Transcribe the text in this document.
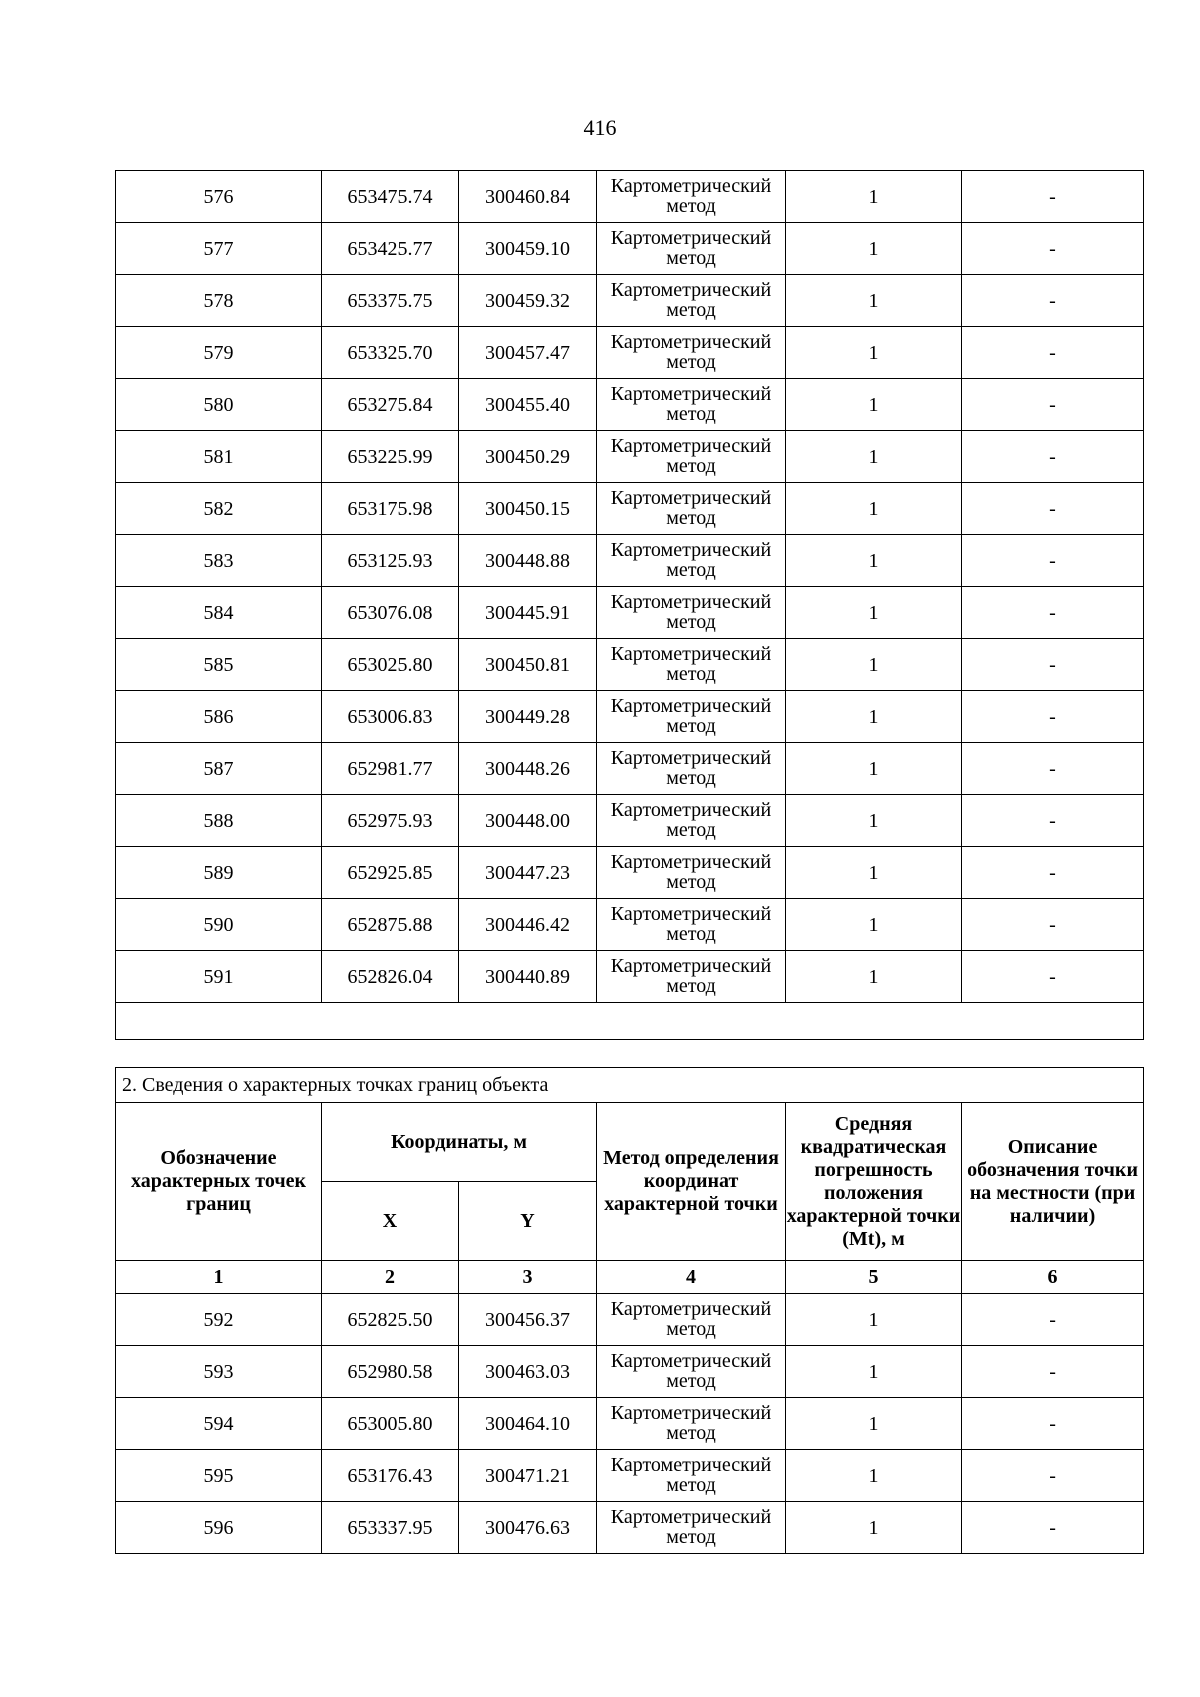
416
576	653475.74	300460.84	Картометрический метод	1	-
577	653425.77	300459.10	Картометрический метод	1	-
578	653375.75	300459.32	Картометрический метод	1	-
579	653325.70	300457.47	Картометрический метод	1	-
580	653275.84	300455.40	Картометрический метод	1	-
581	653225.99	300450.29	Картометрический метод	1	-
582	653175.98	300450.15	Картометрический метод	1	-
583	653125.93	300448.88	Картометрический метод	1	-
584	653076.08	300445.91	Картометрический метод	1	-
585	653025.80	300450.81	Картометрический метод	1	-
586	653006.83	300449.28	Картометрический метод	1	-
587	652981.77	300448.26	Картометрический метод	1	-
588	652975.93	300448.00	Картометрический метод	1	-
589	652925.85	300447.23	Картометрический метод	1	-
590	652875.88	300446.42	Картометрический метод	1	-
591	652826.04	300440.89	Картометрический метод	1	-

2. Сведения о характерных точках границ объекта					
Обозначение характерных точек границ	Координаты, м		Метод определения координат характерной точки	Средняя квадратическая погрешность положения характерной точки (Mt), м	Описание обозначения точки на местности (при наличии)
	X	Y			
1	2	3	4	5	6
592	652825.50	300456.37	Картометрический метод	1	-
593	652980.58	300463.03	Картометрический метод	1	-
594	653005.80	300464.10	Картометрический метод	1	-
595	653176.43	300471.21	Картометрический метод	1	-
596	653337.95	300476.63	Картометрический метод	1	-
